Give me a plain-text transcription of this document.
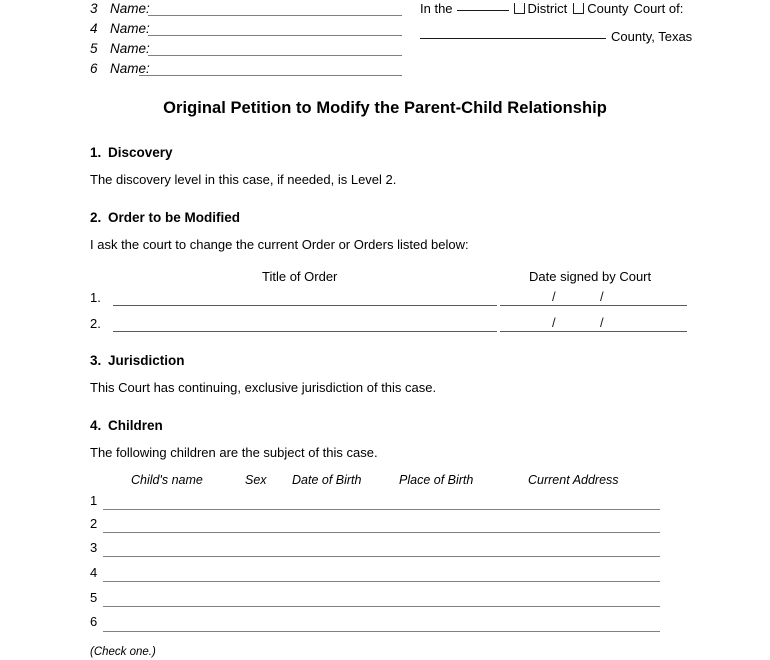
3 Name:
4 Name:
5 Name:
6 Name:
In the	District County Court of:
County, Texas
Original Petition to Modify the Parent-Child Relationship
1. Discovery
The discovery level in this case, if needed, is Level 2.
2. Order to be Modified
I ask the court to change the current Order or Orders listed below:
Title of Order	Date signed by Court
1.	/	/
2.	/	/
3. Jurisdiction
This Court has continuing, exclusive jurisdiction of this case.
4. Children
The following children are the subject of this case.
Child's name	Sex Date of Birth	Place of Birth	Current Address
1
2
3
4
5
6
(Check one.)
